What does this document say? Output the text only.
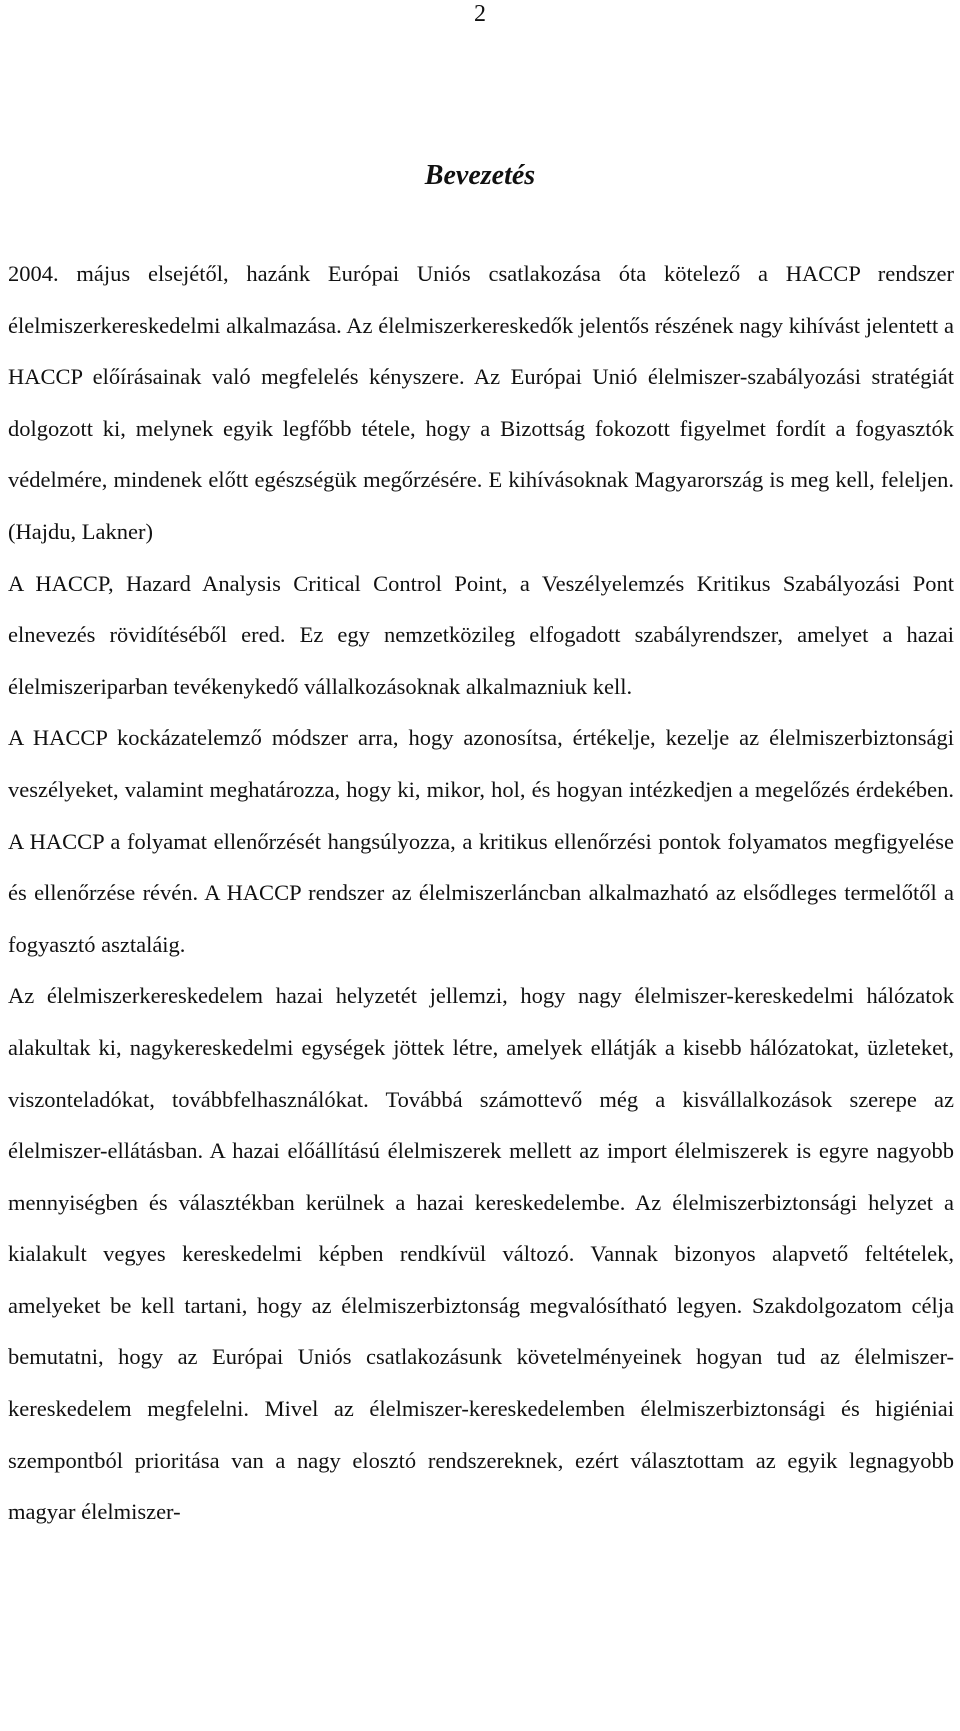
2
Bevezetés

2004. május elsejétől, hazánk Európai Uniós csatlakozása óta kötelező a HACCP rendszer élelmiszerkereskedelmi alkalmazása. Az élelmiszerkereskedők jelentős részének nagy kihívást jelentett a HACCP előírásainak való megfelelés kényszere. Az Európai Unió élelmiszer-szabályozási stratégiát dolgozott ki, melynek egyik legfőbb tétele, hogy a Bizottság fokozott figyelmet fordít a fogyasztók védelmére, mindenek előtt egészségük megőrzésére. E kihívásoknak Magyarország is meg kell, feleljen. (Hajdu, Lakner)

A HACCP, Hazard Analysis Critical Control Point, a Veszélyelemzés Kritikus Szabályozási Pont elnevezés rövidítéséből ered. Ez egy nemzetközileg elfogadott szabályrendszer, amelyet a hazai élelmiszeriparban tevékenykedő vállalkozásoknak alkalmazniuk kell.

A HACCP kockázatelemző módszer arra, hogy azonosítsa, értékelje, kezelje az élelmiszerbiztonsági veszélyeket, valamint meghatározza, hogy ki, mikor, hol, és hogyan intézkedjen a megelőzés érdekében. A HACCP a folyamat ellenőrzését hangsúlyozza, a kritikus ellenőrzési pontok folyamatos megfigyelése és ellenőrzése révén. A HACCP rendszer az élelmiszerláncban alkalmazható az elsődleges termelőtől a fogyasztó asztaláig.

Az élelmiszerkereskedelem hazai helyzetét jellemzi, hogy nagy élelmiszer-kereskedelmi hálózatok alakultak ki, nagykereskedelmi egységek jöttek létre, amelyek ellátják a kisebb hálózatokat, üzleteket, viszonteladókat, továbbfelhasználókat. Továbbá számottevő még a kisvállalkozások szerepe az élelmiszer-ellátásban. A hazai előállítású élelmiszerek mellett az import élelmiszerek is egyre nagyobb mennyiségben és választékban kerülnek a hazai kereskedelembe. Az élelmiszerbiztonsági helyzet a kialakult vegyes kereskedelmi képben rendkívül változó. Vannak bizonyos alapvető feltételek, amelyeket be kell tartani, hogy az élelmiszerbiztonság megvalósítható legyen. Szakdolgozatom célja bemutatni, hogy az Európai Uniós csatlakozásunk követelményeinek hogyan tud az élelmiszer-kereskedelem megfelelni. Mivel az élelmiszer-kereskedelemben élelmiszerbiztonsági és higiéniai szempontból prioritása van a nagy elosztó rendszereknek, ezért választottam az egyik legnagyobb magyar élelmiszer-
